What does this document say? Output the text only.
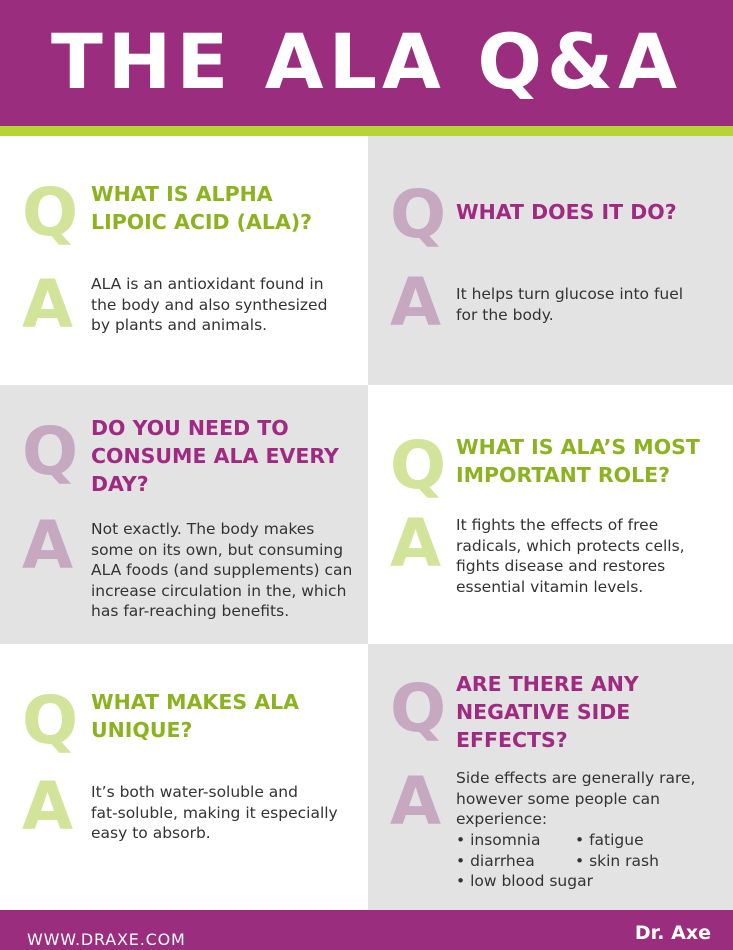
THE ALA Q&A
Q WHAT IS ALPHA
LIPOIC ACID (ALA)?
A ALA is an antioxidant found in
the body and also synthesized
by plants and animals.
Q WHAT DOES IT DO?
A It helps turn glucose into fuel
for the body.
Q DO YOU NEED TO
CONSUME ALA EVERY
DAY?
A Not exactly. The body makes
some on its own, but consuming
ALA foods (and supplements) can
increase circulation in the, which
has far-reaching benefits.
Q WHAT IS ALA’S MOST
IMPORTANT ROLE?
A It fights the effects of free
radicals, which protects cells,
fights disease and restores
essential vitamin levels.
Q WHAT MAKES ALA
UNIQUE?
A It’s both water-soluble and
fat-soluble, making it especially
easy to absorb.
Q ARE THERE ANY
NEGATIVE SIDE
EFFECTS?
A Side effects are generally rare,
however some people can
experience:
• insomnia	• fatigue
• diarrhea	• skin rash
• low blood sugar
WWW.DRAXE.COM	Dr. Axe
